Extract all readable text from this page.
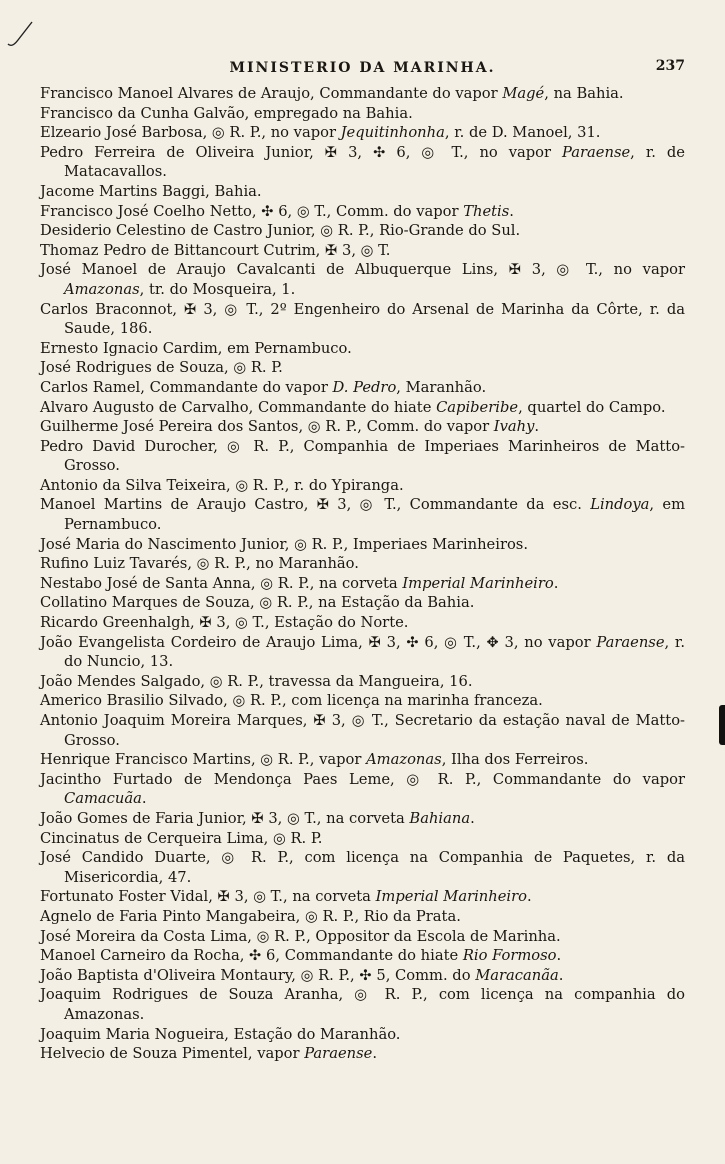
MINISTERIO DA MARINHA.	237
Francisco Manoel Alvares de Araujo, Commandante do vapor Magé, na Bahia.
Francisco da Cunha Galvão, empregado na Bahia.
Elzeario José Barbosa, ◎ R. P., no vapor Jequitinhonha, r. de D. Manoel, 31.
Pedro Ferreira de Oliveira Junior, ✠ 3, ✣ 6, ◎ T., no vapor Paraense, r. de Matacavallos.
Jacome Martins Baggi, Bahia.
Francisco José Coelho Netto, ✣ 6, ◎ T., Comm. do vapor Thetis.
Desiderio Celestino de Castro Junior, ◎ R. P., Rio-Grande do Sul.
Thomaz Pedro de Bittancourt Cutrim, ✠ 3, ◎ T.
José Manoel de Araujo Cavalcanti de Albuquerque Lins, ✠ 3, ◎ T., no vapor Amazonas, tr. do Mosqueira, 1.
Carlos Braconnot, ✠ 3, ◎ T., 2º Engenheiro do Arsenal de Marinha da Côrte, r. da Saude, 186.
Ernesto Ignacio Cardim, em Pernambuco.
José Rodrigues de Souza, ◎ R. P.
Carlos Ramel, Commandante do vapor D. Pedro, Maranhão.
Alvaro Augusto de Carvalho, Commandante do hiate Capiberibe, quartel do Campo.
Guilherme José Pereira dos Santos, ◎ R. P., Comm. do vapor Ivahy.
Pedro David Durocher, ◎ R. P., Companhia de Imperiaes Marinheiros de Matto-Grosso.
Antonio da Silva Teixeira, ◎ R. P., r. do Ypiranga.
Manoel Martins de Araujo Castro, ✠ 3, ◎ T., Commandante da esc. Lindoya, em Pernambuco.
José Maria do Nascimento Junior, ◎ R. P., Imperiaes Marinheiros.
Rufino Luiz Tavarés, ◎ R. P., no Maranhão.
Nestabo José de Santa Anna, ◎ R. P., na corveta Imperial Marinheiro.
Collatino Marques de Souza, ◎ R. P., na Estação da Bahia.
Ricardo Greenhalgh, ✠ 3, ◎ T., Estação do Norte.
João Evangelista Cordeiro de Araujo Lima, ✠ 3, ✣ 6, ◎ T., ✥ 3, no vapor Paraense, r. do Nuncio, 13.
João Mendes Salgado, ◎ R. P., travessa da Mangueira, 16.
Americo Brasilio Silvado, ◎ R. P., com licença na marinha franceza.
Antonio Joaquim Moreira Marques, ✠ 3, ◎ T., Secretario da estação naval de Matto-Grosso.
Henrique Francisco Martins, ◎ R. P., vapor Amazonas, Ilha dos Ferreiros.
Jacintho Furtado de Mendonça Paes Leme, ◎ R. P., Commandante do vapor Camacuãa.
João Gomes de Faria Junior, ✠ 3, ◎ T., na corveta Bahiana.
Cincinatus de Cerqueira Lima, ◎ R. P.
José Candido Duarte, ◎ R. P., com licença na Companhia de Paquetes, r. da Misericordia, 47.
Fortunato Foster Vidal, ✠ 3, ◎ T., na corveta Imperial Marinheiro.
Agnelo de Faria Pinto Mangabeira, ◎ R. P., Rio da Prata.
José Moreira da Costa Lima, ◎ R. P., Oppositor da Escola de Marinha.
Manoel Carneiro da Rocha, ✣ 6, Commandante do hiate Rio Formoso.
João Baptista d'Oliveira Montaury, ◎ R. P., ✣ 5, Comm. do Maracanãa.
Joaquim Rodrigues de Souza Aranha, ◎ R. P., com licença na companhia do Amazonas.
Joaquim Maria Nogueira, Estação do Maranhão.
Helvecio de Souza Pimentel, vapor Paraense.
